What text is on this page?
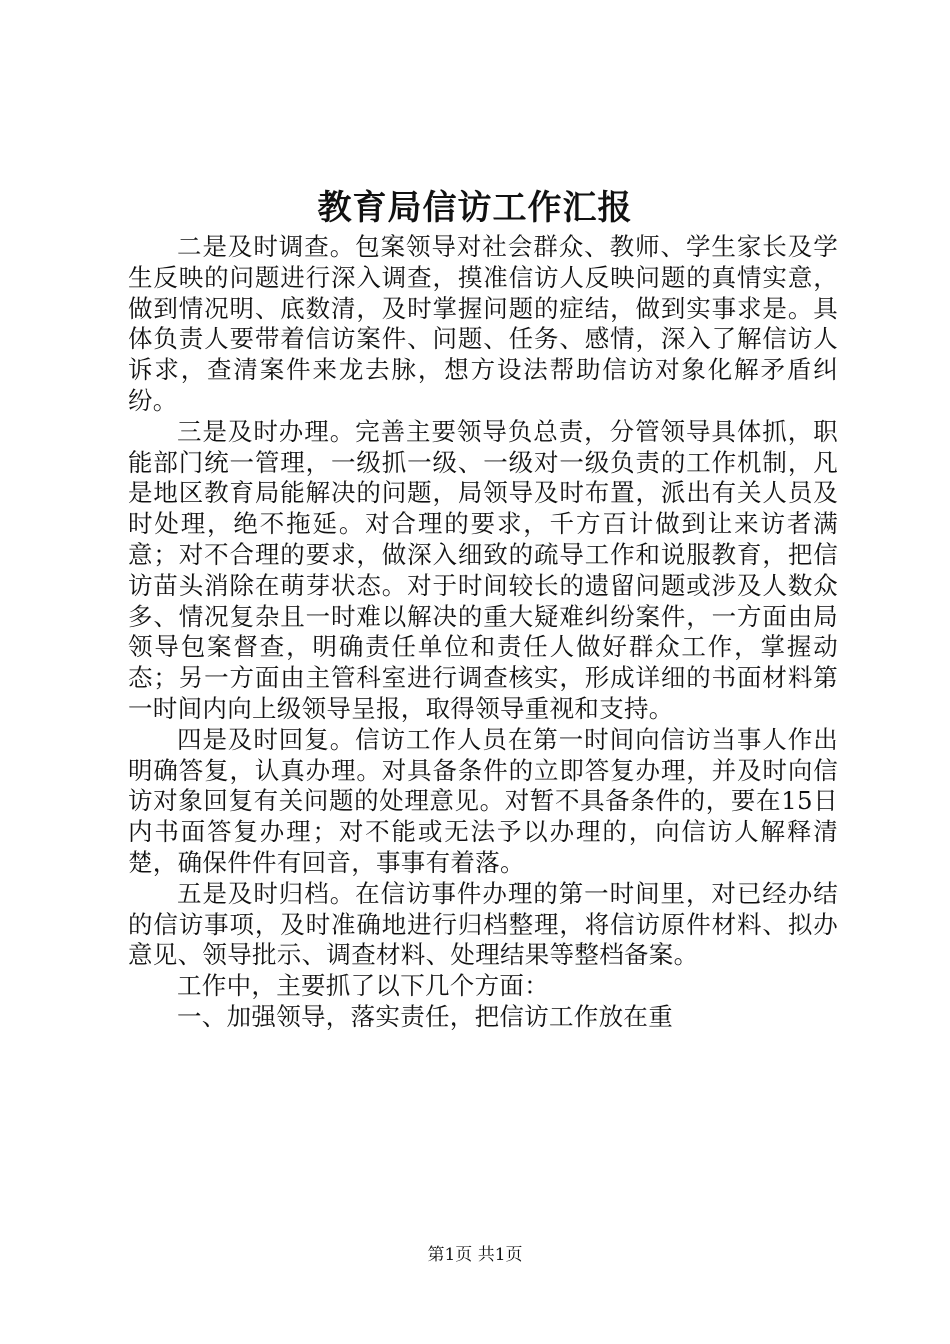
教育局信访工作汇报

二是及时调查。包案领导对社会群众、教师、学生家长及学生反映的问题进行深入调查，摸准信访人反映问题的真情实意，做到情况明、底数清，及时掌握问题的症结，做到实事求是。具体负责人要带着信访案件、问题、任务、感情，深入了解信访人诉求，查清案件来龙去脉，想方设法帮助信访对象化解矛盾纠纷。

三是及时办理。完善主要领导负总责，分管领导具体抓，职能部门统一管理，一级抓一级、一级对一级负责的工作机制，凡是地区教育局能解决的问题，局领导及时布置，派出有关人员及时处理，绝不拖延。对合理的要求，千方百计做到让来访者满意；对不合理的要求，做深入细致的疏导工作和说服教育，把信访苗头消除在萌芽状态。对于时间较长的遗留问题或涉及人数众多、情况复杂且一时难以解决的重大疑难纠纷案件，一方面由局领导包案督查，明确责任单位和责任人做好群众工作，掌握动态；另一方面由主管科室进行调查核实，形成详细的书面材料第一时间内向上级领导呈报，取得领导重视和支持。

四是及时回复。信访工作人员在第一时间向信访当事人作出明确答复，认真办理。对具备条件的立即答复办理，并及时向信访对象回复有关问题的处理意见。对暂不具备条件的，要在15日内书面答复办理；对不能或无法予以办理的，向信访人解释清楚，确保件件有回音，事事有着落。

五是及时归档。在信访事件办理的第一时间里，对已经办结的信访事项，及时准确地进行归档整理，将信访原件材料、拟办意见、领导批示、调查材料、处理结果等整档备案。

工作中，主要抓了以下几个方面：

一、加强领导，落实责任，把信访工作放在重

第1页 共1页
